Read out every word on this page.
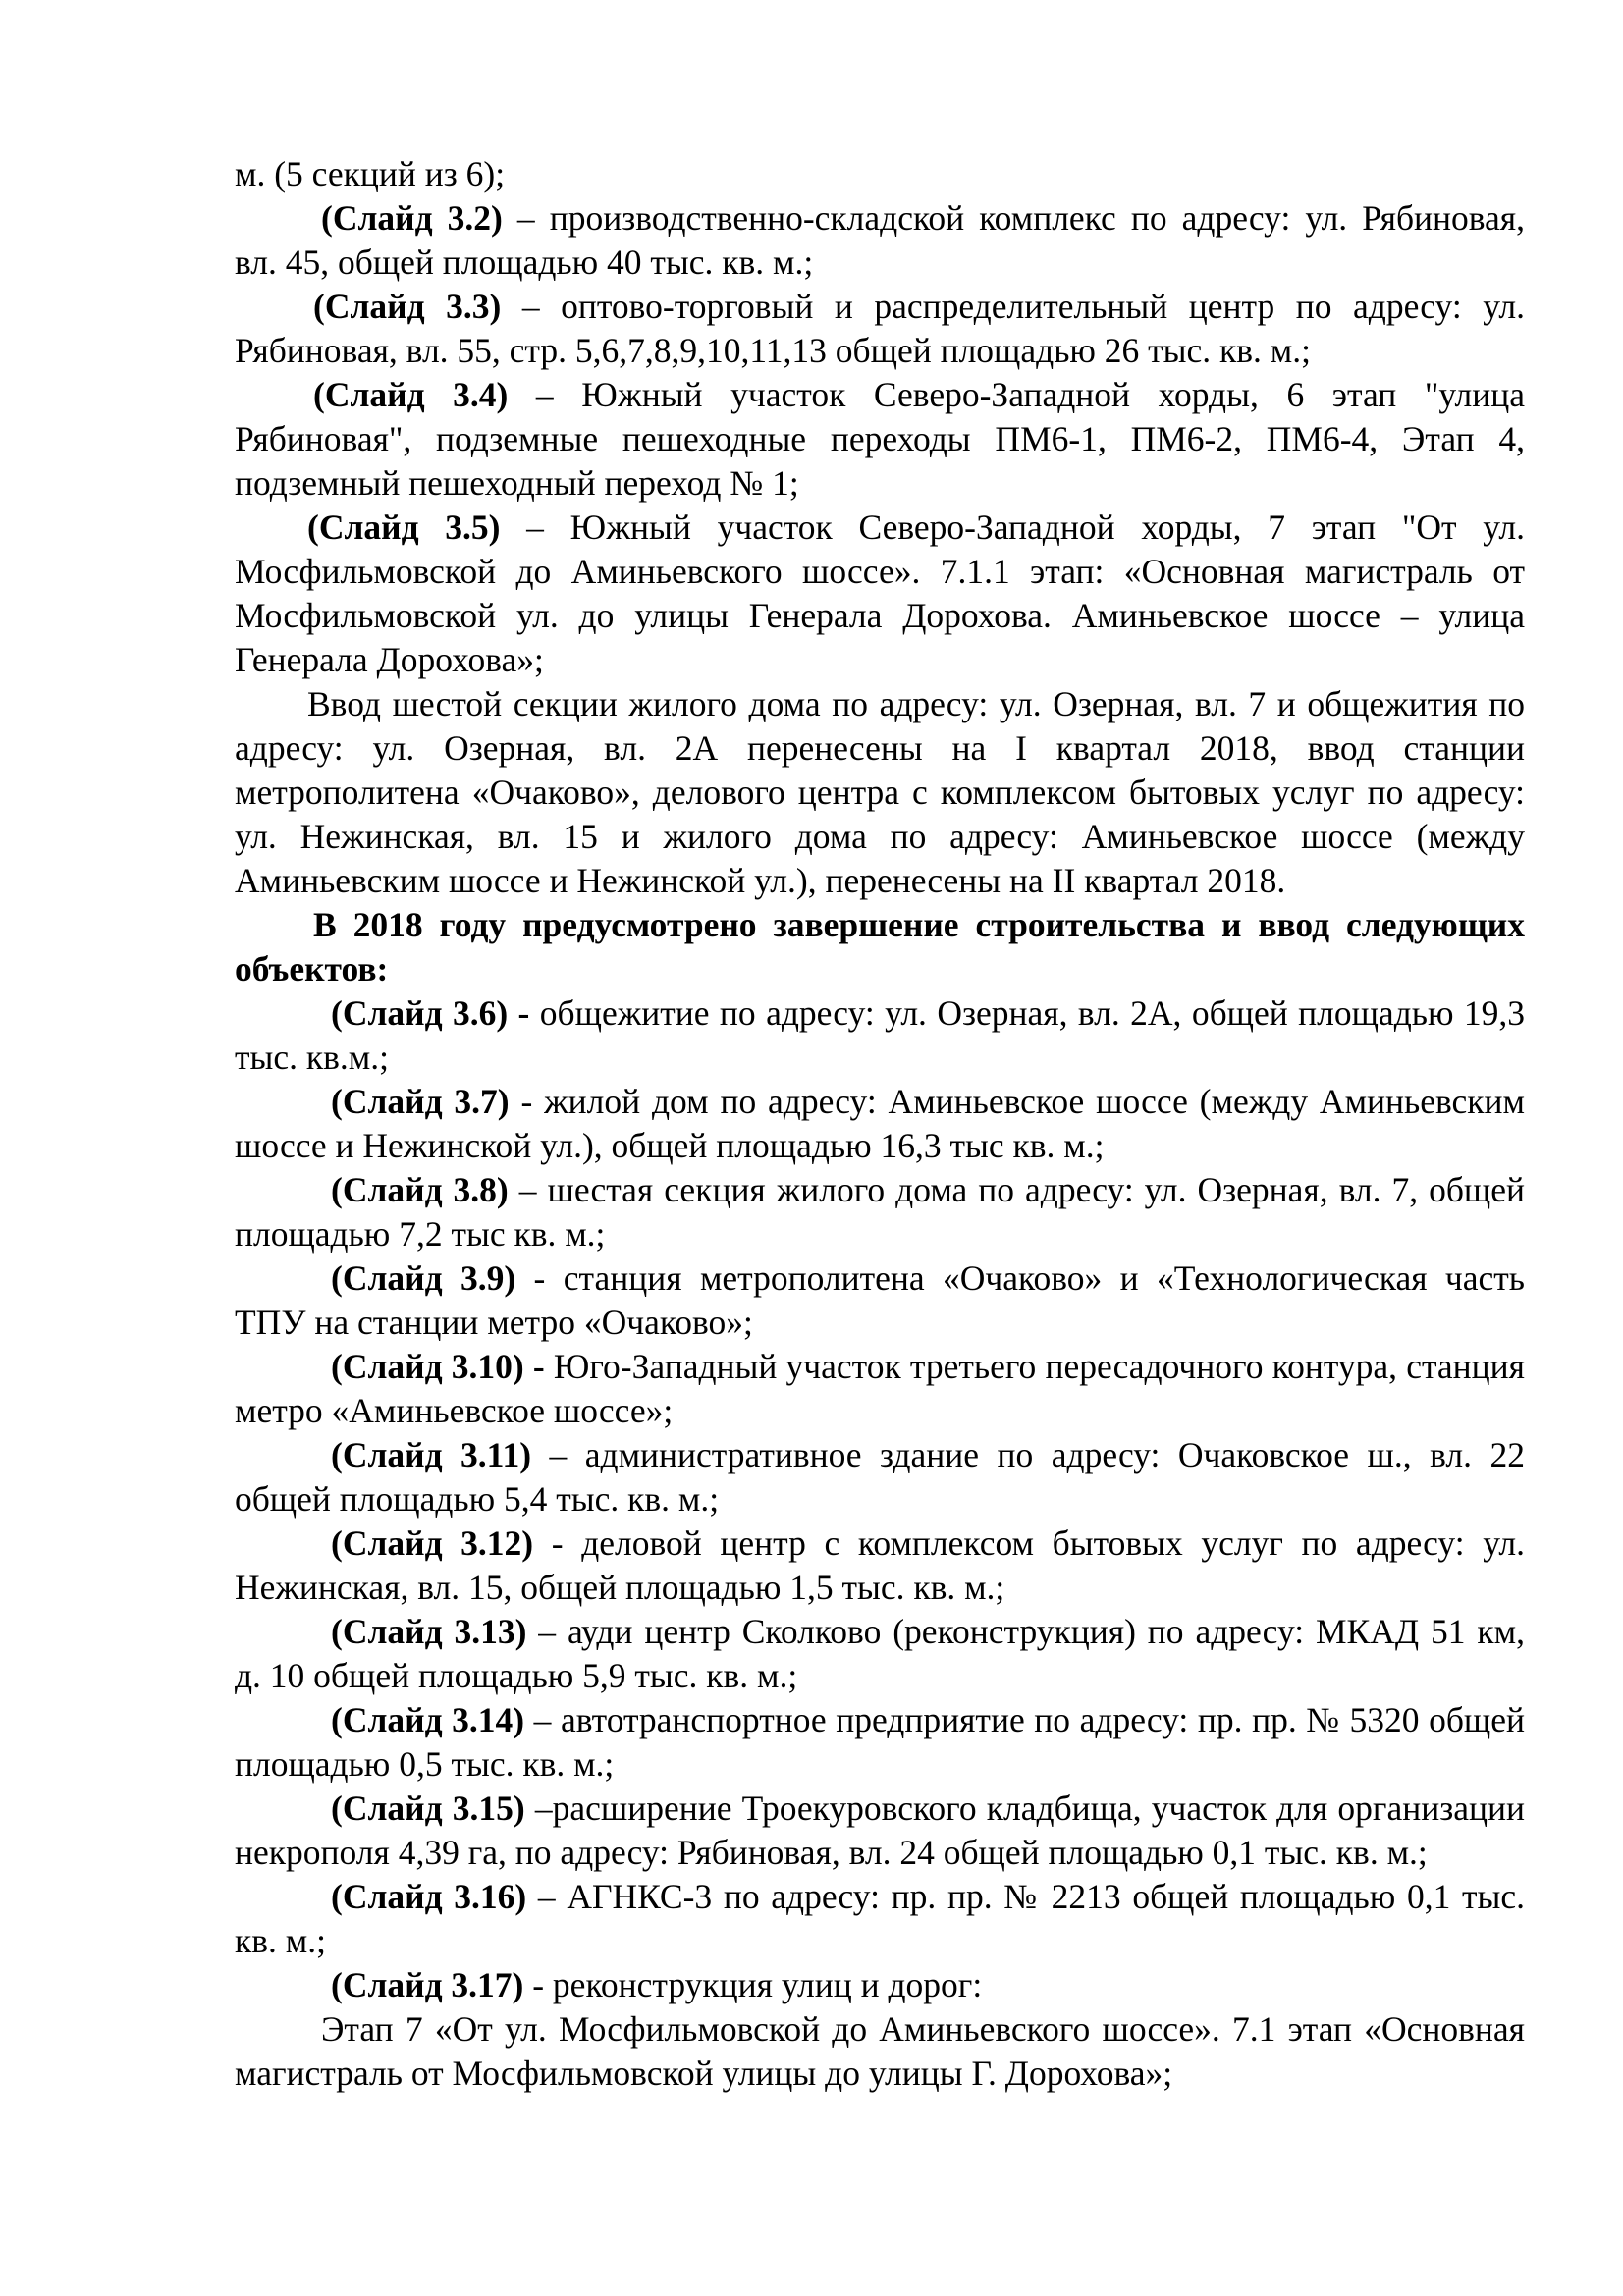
м. (5 секций из 6);

(Слайд 3.2) – производственно-складской комплекс по адресу: ул. Рябиновая, вл. 45, общей площадью 40 тыс. кв. м.;

(Слайд 3.3) – оптово-торговый и распределительный центр по адресу: ул. Рябиновая, вл. 55, стр. 5,6,7,8,9,10,11,13 общей площадью 26 тыс. кв. м.;

(Слайд 3.4) – Южный участок Северо-Западной хорды, 6 этап "улица Рябиновая", подземные пешеходные переходы ПМ6-1, ПМ6-2, ПМ6-4, Этап 4, подземный пешеходный переход № 1;

(Слайд 3.5) – Южный участок Северо-Западной хорды, 7 этап "От ул. Мосфильмовской до Аминьевского шоссе». 7.1.1 этап: «Основная магистраль от Мосфильмовской ул. до улицы Генерала Дорохова. Аминьевское шоссе – улица Генерала Дорохова»;

Ввод шестой секции жилого дома по адресу: ул. Озерная, вл. 7 и общежития по адресу: ул. Озерная, вл. 2А перенесены на I квартал 2018, ввод станции метрополитена «Очаково», делового центра с комплексом бытовых услуг по адресу: ул. Нежинская, вл. 15 и жилого дома по адресу: Аминьевское шоссе (между Аминьевским шоссе и Нежинской ул.), перенесены на II квартал 2018.

В 2018 году предусмотрено завершение строительства и ввод следующих объектов:

(Слайд 3.6) - общежитие по адресу: ул. Озерная, вл. 2А, общей площадью 19,3 тыс. кв.м.;

(Слайд 3.7) - жилой дом по адресу: Аминьевское шоссе (между Аминьевским шоссе и Нежинской ул.), общей площадью 16,3 тыс кв. м.;

(Слайд 3.8) – шестая секция жилого дома по адресу: ул. Озерная, вл. 7, общей площадью 7,2 тыс кв. м.;

(Слайд 3.9) - станция метрополитена «Очаково» и «Технологическая часть ТПУ на станции метро «Очаково»;

(Слайд 3.10) - Юго-Западный участок третьего пересадочного контура, станция метро «Аминьевское шоссе»;

(Слайд 3.11) – административное здание по адресу: Очаковское ш., вл. 22 общей площадью 5,4 тыс. кв. м.;

(Слайд 3.12) - деловой центр с комплексом бытовых услуг по адресу: ул. Нежинская, вл. 15, общей площадью 1,5 тыс. кв. м.;

(Слайд 3.13) – ауди центр Сколково (реконструкция) по адресу: МКАД 51 км, д. 10 общей площадью 5,9 тыс. кв. м.;

(Слайд 3.14) – автотранспортное предприятие по адресу: пр. пр. № 5320 общей площадью 0,5 тыс. кв. м.;

(Слайд 3.15) –расширение Троекуровского кладбища, участок для организации некрополя 4,39 га, по адресу: Рябиновая, вл. 24 общей площадью 0,1 тыс. кв. м.;

(Слайд 3.16) – АГНКС-3 по адресу: пр. пр. № 2213 общей площадью 0,1 тыс. кв. м.;

(Слайд 3.17) - реконструкция улиц и дорог:

Этап 7 «От ул. Мосфильмовской до Аминьевского шоссе». 7.1 этап «Основная магистраль от Мосфильмовской улицы до улицы Г. Дорохова»;
